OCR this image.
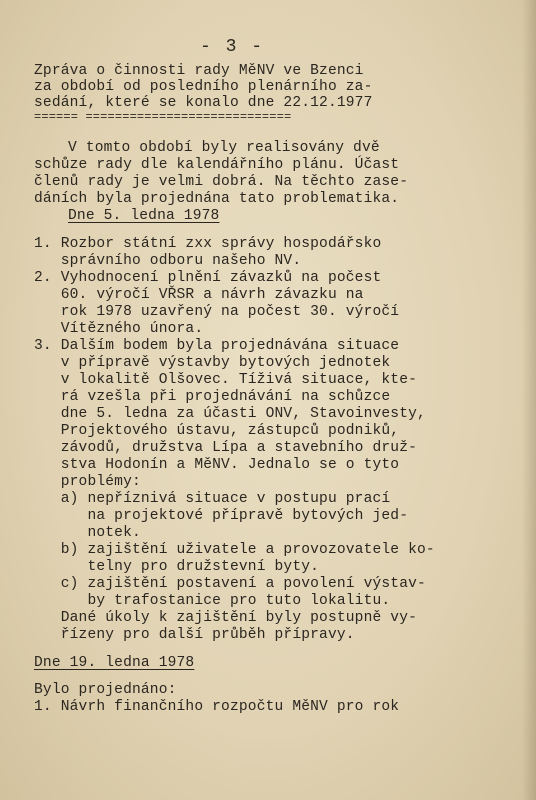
- 3 -
Zpráva o činnosti rady MěNV ve Bzenci
za období od posledního plenárního za-
sedání, které se konalo dne 22.12.1977
====== ============================
V tomto období byly realisovány dvě
schůze rady dle kalendářního plánu. Účast
členů rady je velmi dobrá. Na těchto zase-
dáních byla projednána tato problematika.
Dne 5. ledna 1978
1. Rozbor státní zxx správy hospodářsko
správního odboru našeho NV.
2. Vyhodnocení plnění závazků na počest
60. výročí VŘSR a návrh závazku na
rok 1978 uzavřený na počest 30. výročí
Vítězného února.
3. Dalším bodem byla projednávána situace
v přípravě výstavby bytových jednotek
v lokalitě Olšovec. Tíživá situace, kte-
rá vzešla při projednávání na schůzce
dne 5. ledna za účasti ONV, Stavoinvesty,
Projektového ústavu, zástupců podniků,
závodů, družstva Lípa a stavebního druž-
stva Hodonín a MěNV. Jednalo se o tyto
problémy:
a) nepříznivá situace v postupu prací
na projektové přípravě bytových jed-
notek.
b) zajištění uživatele a provozovatele ko-
telny pro družstevní byty.
c) zajištění postavení a povolení výstav-
by trafostanice pro tuto lokalitu.
Dané úkoly k zajištění byly postupně vy-
řízeny pro další průběh přípravy.
Dne 19. ledna 1978
Bylo projednáno:
1. Návrh finančního rozpočtu MěNV pro rok
